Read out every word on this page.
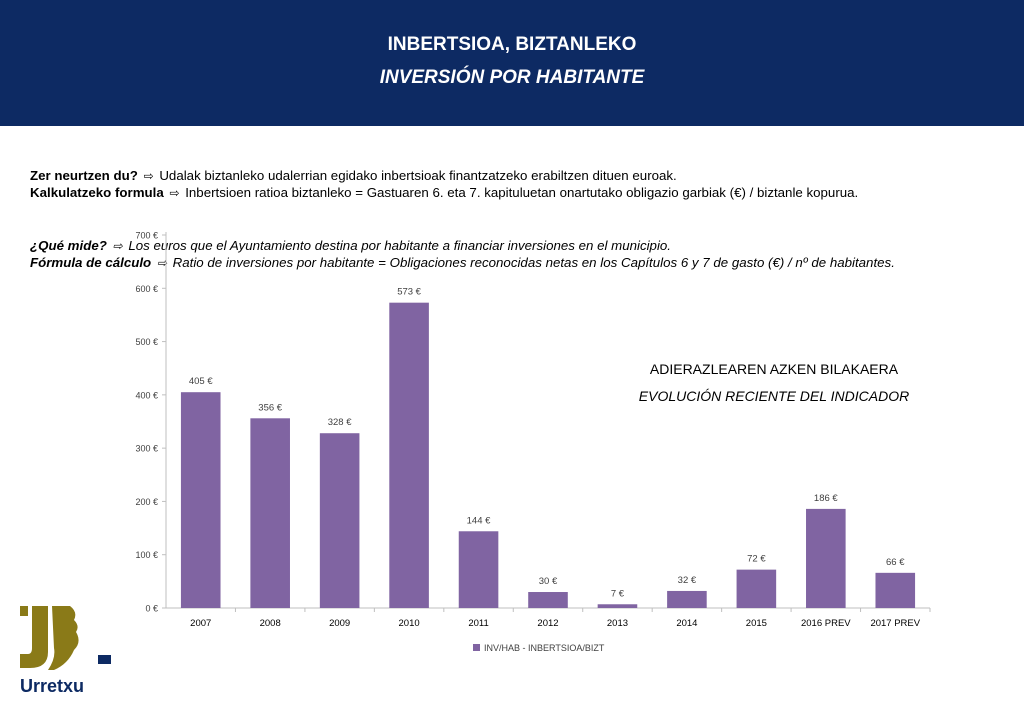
INBERTSIOA, BIZTANLEKO
INVERSIÓN POR HABITANTE
Zer neurtzen du? ⇨ Udalak biztanleko udalerrian egidako inbertsioak finantzatzeko erabiltzen dituen euroak.
Kalkulatzeko formula ⇨ Inbertsioen ratioa biztanleko = Gastuaren 6. eta 7. kapituluetan onartutako obligazio garbiak (€) / biztanle kopurua.
¿Qué mide? ⇨ Los euros que el Ayuntamiento destina por habitante a financiar inversiones en el municipio.
Fórmula de cálculo ⇨ Ratio de inversiones por habitante = Obligaciones reconocidas netas en los Capítulos 6 y 7 de gasto (€) / nº de habitantes.
0 €
100 €
200 €
300 €
400 €
500 €
600 €
700 €
405 €
2007
356 €
2008
328 €
2009
573 €
2010
144 €
2011
30 €
2012
7 €
2013
32 €
2014
72 €
2015
186 €
2016 PREV
66 €
2017 PREV
INV/HAB - INBERTSIOA/BIZT
ADIERAZLEAREN AZKEN BILAKAERA
EVOLUCIÓN RECIENTE DEL INDICADOR
Urretxu
